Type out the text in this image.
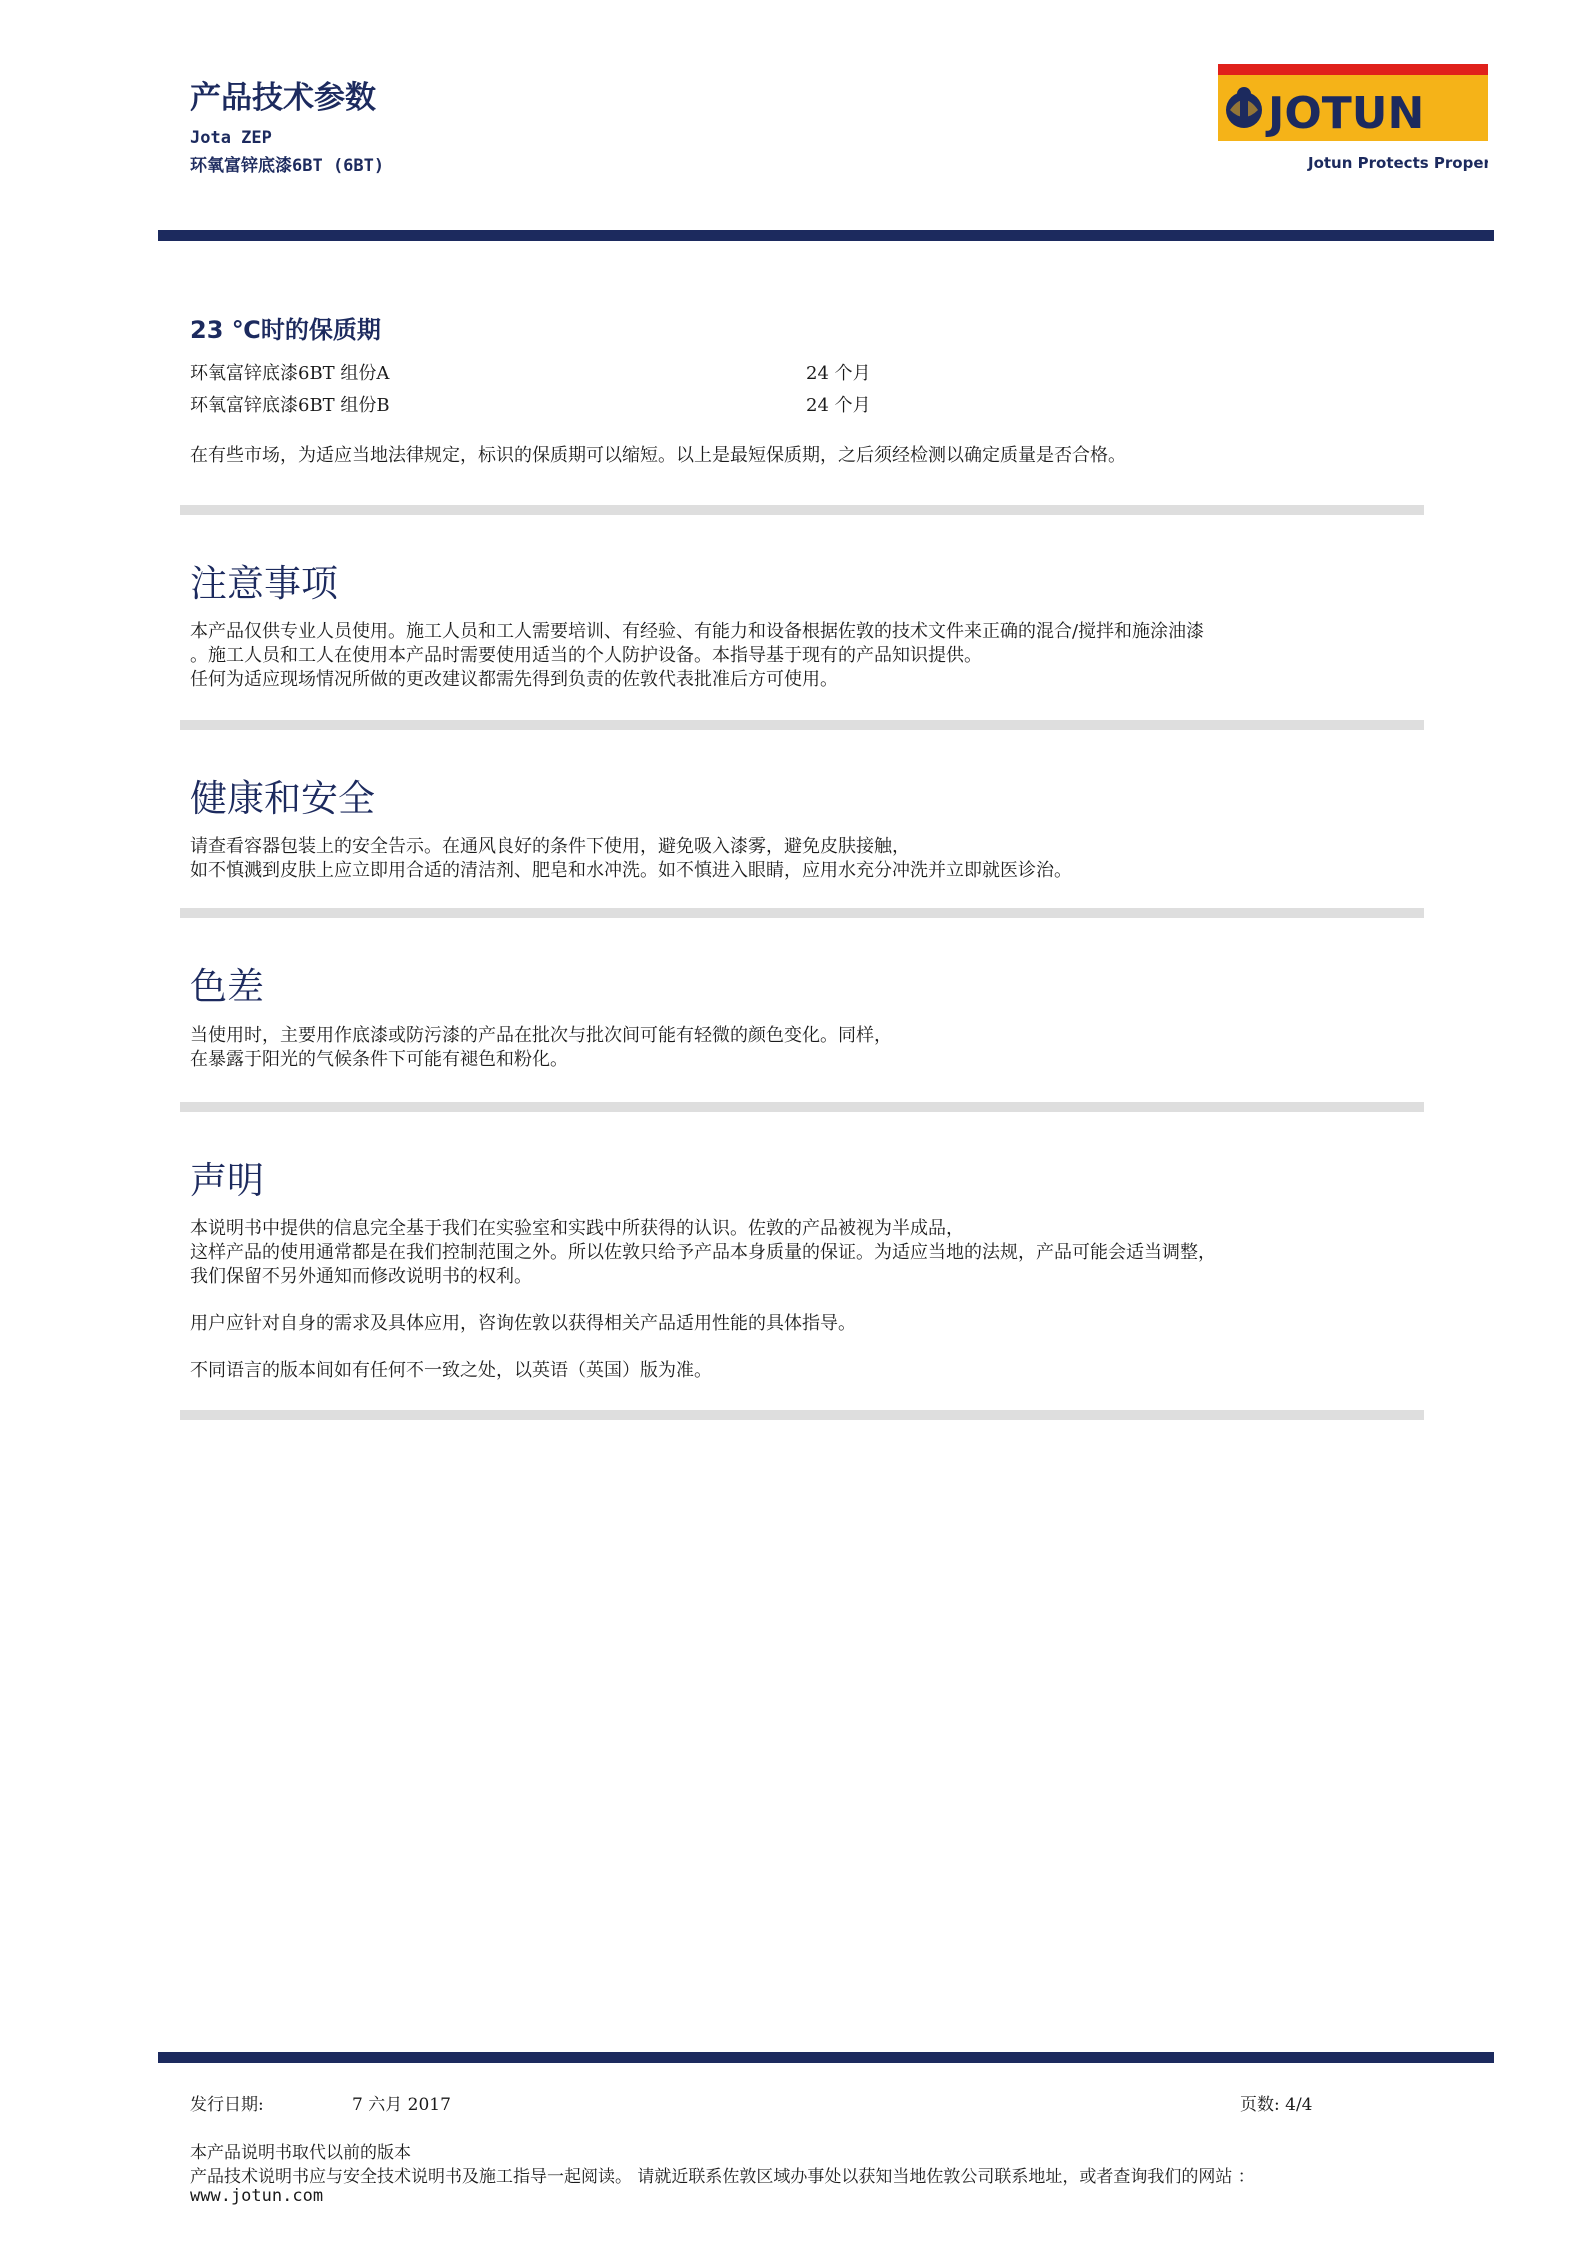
产品技术参数
Jota ZEP
环氧富锌底漆6BT (6BT)
JOTUN
Jotun Protects Property
23 ℃时的保质期
环氧富锌底漆6BT 组份A	24 个月
环氧富锌底漆6BT 组份B	24 个月
在有些市场，为适应当地法律规定，标识的保质期可以缩短。以上是最短保质期，之后须经检测以确定质量是否合格。
注意事项
本产品仅供专业人员使用。施工人员和工人需要培训、有经验、有能力和设备根据佐敦的技术文件来正确的混合/搅拌和施涂油漆
。施工人员和工人在使用本产品时需要使用适当的个人防护设备。本指导基于现有的产品知识提供。
任何为适应现场情况所做的更改建议都需先得到负责的佐敦代表批准后方可使用。
健康和安全
请查看容器包装上的安全告示。在通风良好的条件下使用，避免吸入漆雾，避免皮肤接触，
如不慎溅到皮肤上应立即用合适的清洁剂、肥皂和水冲洗。如不慎进入眼睛，应用水充分冲洗并立即就医诊治。
色差
当使用时，主要用作底漆或防污漆的产品在批次与批次间可能有轻微的颜色变化。同样，
在暴露于阳光的气候条件下可能有褪色和粉化。
声明
本说明书中提供的信息完全基于我们在实验室和实践中所获得的认识。佐敦的产品被视为半成品，
这样产品的使用通常都是在我们控制范围之外。所以佐敦只给予产品本身质量的保证。为适应当地的法规，产品可能会适当调整，
我们保留不另外通知而修改说明书的权利。
用户应针对自身的需求及具体应用，咨询佐敦以获得相关产品适用性能的具体指导。
不同语言的版本间如有任何不一致之处，以英语（英国）版为准。
发行日期:	7 六月 2017	页数: 4/4
本产品说明书取代以前的版本
产品技术说明书应与安全技术说明书及施工指导一起阅读。 请就近联系佐敦区域办事处以获知当地佐敦公司联系地址，或者查询我们的网站 ：
www.jotun.com
